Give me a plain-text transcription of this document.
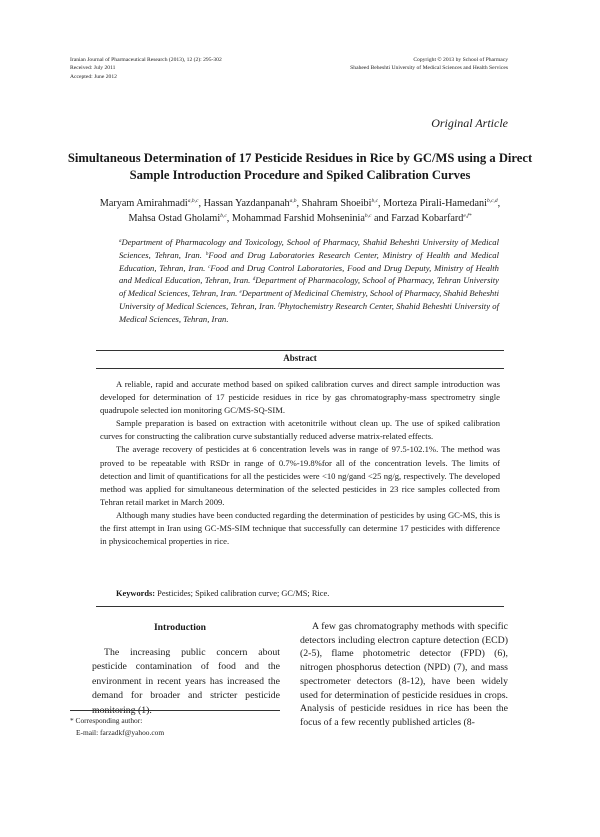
Iranian Journal of Pharmaceutical Research (2013), 12 (2): 295-302
Received: July 2011
Accepted: June 2012
Copyright © 2013 by School of Pharmacy
Shaheed Beheshti University of Medical Sciences and Health Services
Original Article
Simultaneous Determination of 17 Pesticide Residues in Rice by GC/MS using a Direct Sample Introduction Procedure and Spiked Calibration Curves
Maryam Amirahmadi$^{a,b,c}$, Hassan Yazdanpanah$^{a,b}$, Shahram Shoeibi$^{b,c}$, Morteza Pirali-Hamedani$^{b,c,d}$,
Mahsa Ostad Gholami$^{b,c}$, Mohammad Farshid Mohseninia$^{b,c}$ and Farzad Kobarfard$^{e,f*}$

$^a$Department of Pharmacology and Toxicology, School of Pharmacy, Shahid Beheshti University of Medical Sciences, Tehran, Iran. $^b$Food and Drug Laboratories Research Center, Ministry of Health and Medical Education, Tehran, Iran. $^c$Food and Drug Control Laboratories, Food and Drug Deputy, Ministry of Health and Medical Education, Tehran, Iran. $^d$Department of Pharmacology, School of Pharmacy, Tehran University of Medical Sciences, Tehran, Iran. $^e$Department of Medicinal Chemistry, School of Pharmacy, Shahid Beheshti University of Medical Sciences, Tehran, Iran. $^f$Phytochemistry Research Center, Shahid Beheshti University of Medical Sciences, Tehran, Iran.

Abstract

A reliable, rapid and accurate method based on spiked calibration curves and direct sample introduction was developed for determination of 17 pesticide residues in rice by gas chromatography-mass spectrometry single quadrupole selected ion monitoring GC/MS-SQ-SIM.

Sample preparation is based on extraction with acetonitrile without clean up. The use of spiked calibration curves for constructing the calibration curve substantially reduced adverse matrix-related effects.

The average recovery of pesticides at 6 concentration levels was in range of 97.5-102.1%. The method was proved to be repeatable with RSDr in range of 0.7%-19.8%for all of the concentration levels. The limits of detection and limit of quantifications for all the pesticides were <10 ng/gand <25 ng/g, respectively. The developed method was applied for simultaneous determination of the selected pesticides in 23 rice samples collected from Tehran retail market in March 2009.

Although many studies have been conducted regarding the determination of pesticides by using GC-MS, this is the first attempt in Iran using GC-MS-SIM technique that successfully can determine 17 pesticides with difference in physicochemical properties in rice.

Keywords: Pesticides; Spiked calibration curve; GC/MS; Rice.
Introduction

The increasing public concern about pesticide contamination of food and the environment in recent years has increased the demand for broader and stricter pesticide monitoring (1).

A few gas chromatography methods with specific detectors including electron capture detection (ECD) (2-5), flame photometric detector (FPD) (6), nitrogen phosphorus detection (NPD) (7), and mass spectrometer detectors (8-12), have been widely used for determination of pesticide residues in crops. Analysis of pesticide residues in rice has been the focus of a few recently published articles (8-

* Corresponding author:
E-mail: farzadkf@yahoo.com
